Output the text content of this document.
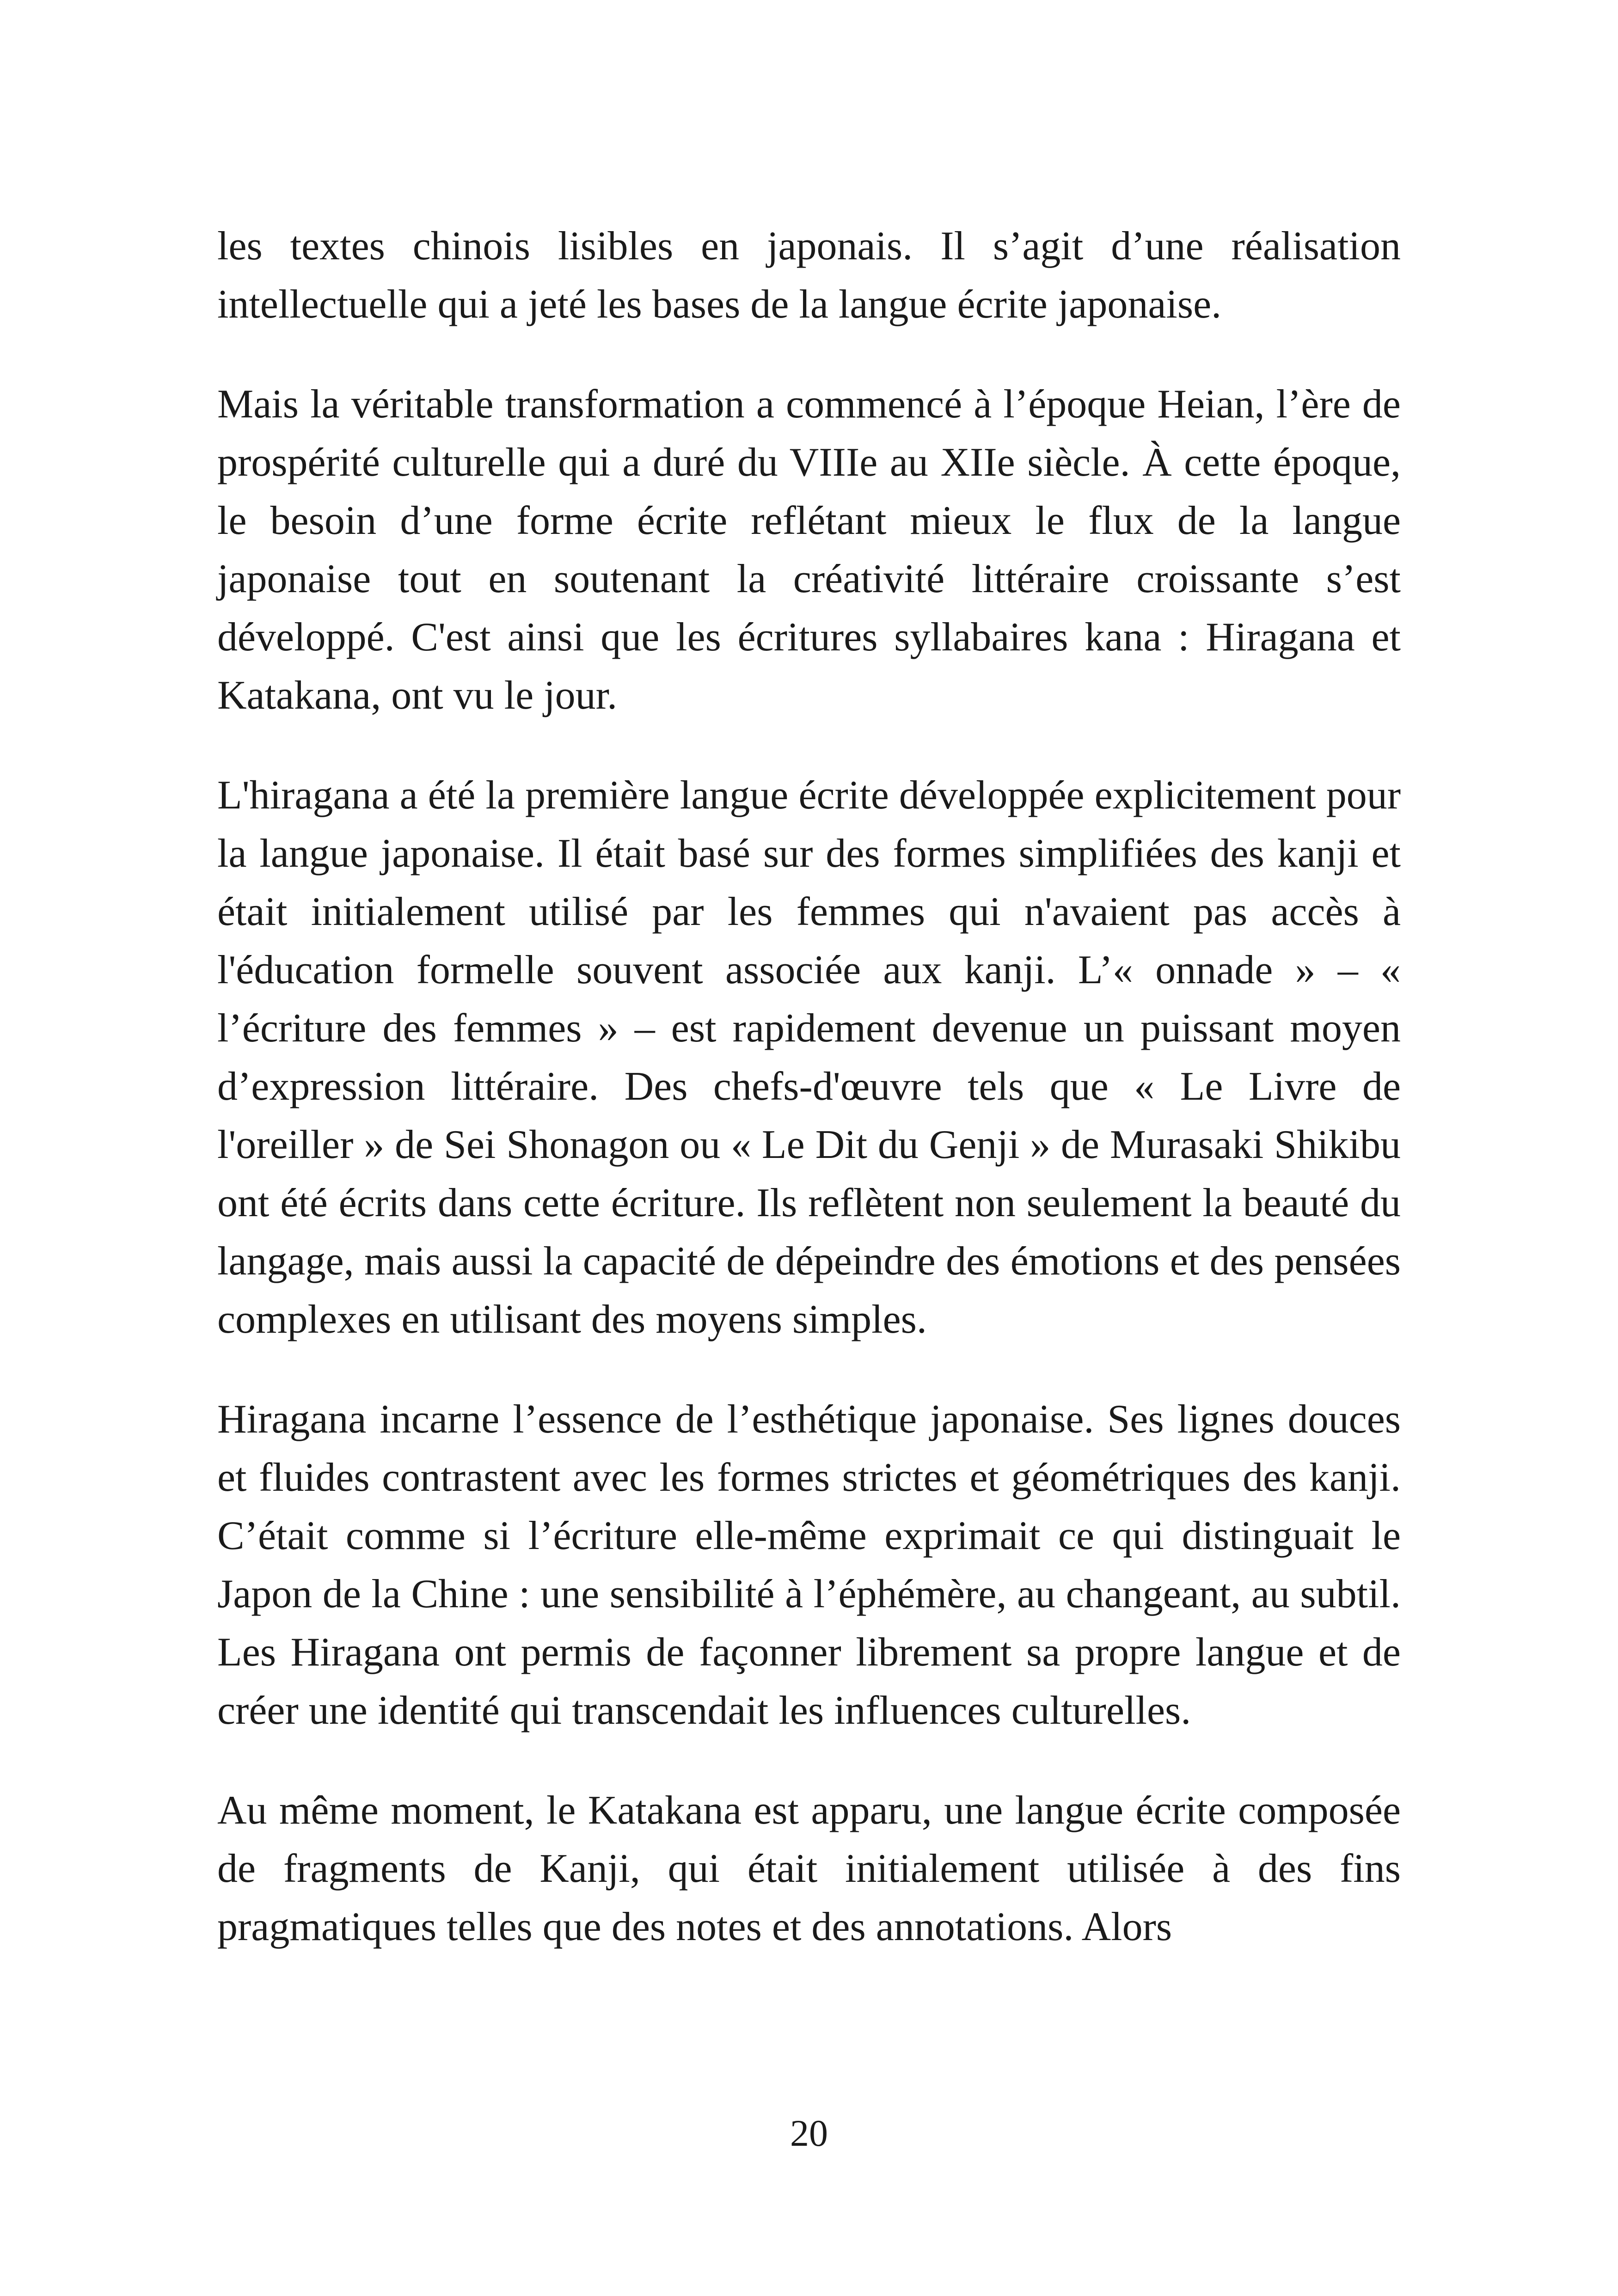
les textes chinois lisibles en japonais. Il s’agit d’une réalisation intellectuelle qui a jeté les bases de la langue écrite japonaise.

Mais la véritable transformation a commencé à l’époque Heian, l’ère de prospérité culturelle qui a duré du VIIIe au XIIe siècle. À cette époque, le besoin d’une forme écrite reflétant mieux le flux de la langue japonaise tout en soutenant la créativité littéraire croissante s’est développé. C'est ainsi que les écritures syllabaires kana : Hiragana et Katakana, ont vu le jour.

L'hiragana a été la première langue écrite développée explicitement pour la langue japonaise. Il était basé sur des formes simplifiées des kanji et était initialement utilisé par les femmes qui n'avaient pas accès à l'éducation formelle souvent associée aux kanji. L’« onnade » – « l’écriture des femmes » – est rapidement devenue un puissant moyen d’expression littéraire. Des chefs-d'œuvre tels que « Le Livre de l'oreiller » de Sei Shonagon ou « Le Dit du Genji » de Murasaki Shikibu ont été écrits dans cette écriture. Ils reflètent non seulement la beauté du langage, mais aussi la capacité de dépeindre des émotions et des pensées complexes en utilisant des moyens simples.

Hiragana incarne l’essence de l’esthétique japonaise. Ses lignes douces et fluides contrastent avec les formes strictes et géométriques des kanji. C’était comme si l’écriture elle-même exprimait ce qui distinguait le Japon de la Chine : une sensibilité à l’éphémère, au changeant, au subtil. Les Hiragana ont permis de façonner librement sa propre langue et de créer une identité qui transcendait les influences culturelles.

Au même moment, le Katakana est apparu, une langue écrite composée de fragments de Kanji, qui était initialement utilisée à des fins pragmatiques telles que des notes et des annotations. Alors

20
